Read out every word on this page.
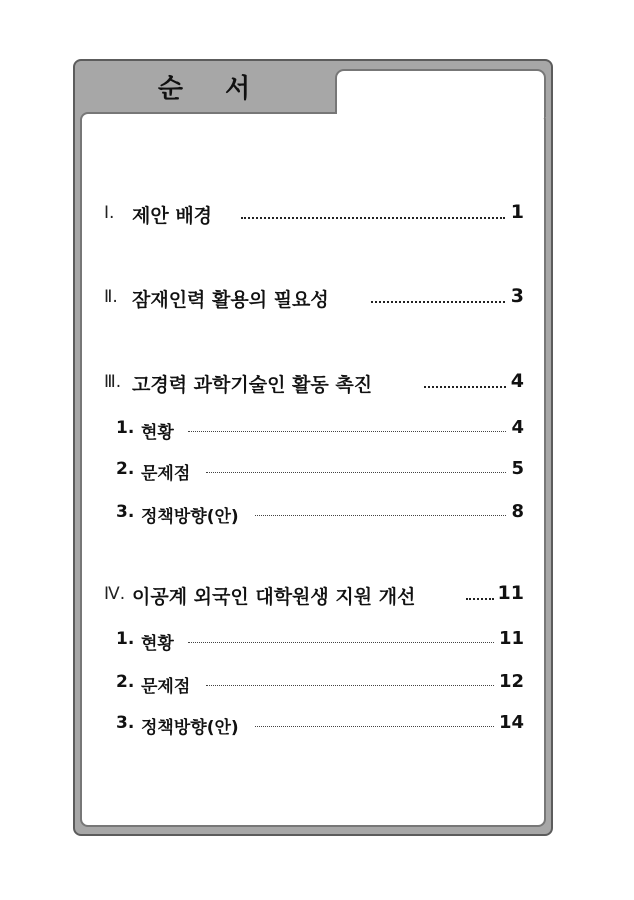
순 서
Ⅰ. 제안 배경	1
Ⅱ. 잠재인력 활용의 필요성	3
Ⅲ. 고경력 과학기술인 활동 촉진	4
1. 현황	4
2. 문제점	5
3. 정책방향(안)	8
Ⅳ. 이공계 외국인 대학원생 지원 개선	11
1. 현황	11
2. 문제점	12
3. 정책방향(안)	14
